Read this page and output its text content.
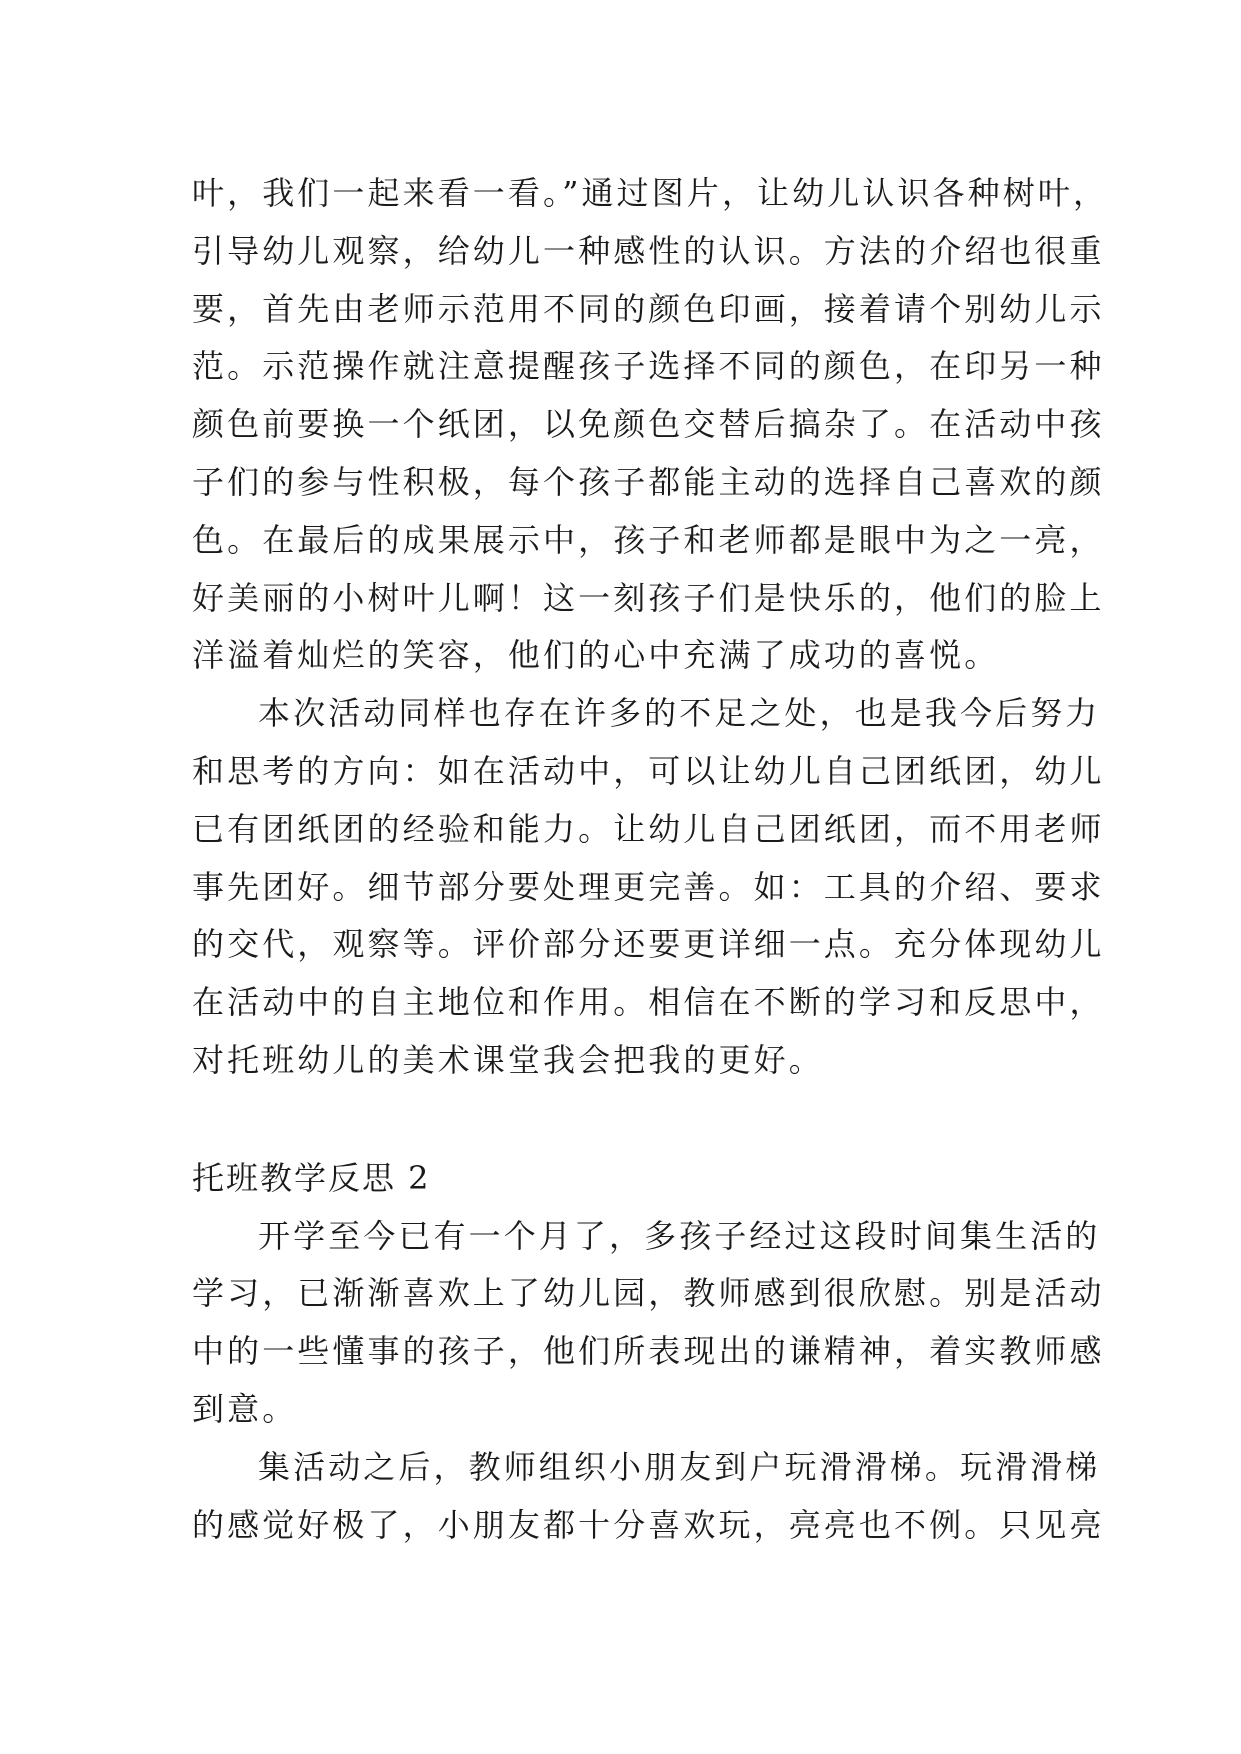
叶，我们一起来看一看。”通过图片，让幼儿认识各种树叶，
引导幼儿观察，给幼儿一种感性的认识。方法的介绍也很重
要，首先由老师示范用不同的颜色印画，接着请个别幼儿示
范。示范操作就注意提醒孩子选择不同的颜色，在印另一种
颜色前要换一个纸团，以免颜色交替后搞杂了。在活动中孩
子们的参与性积极，每个孩子都能主动的选择自己喜欢的颜
色。在最后的成果展示中，孩子和老师都是眼中为之一亮，
好美丽的小树叶儿啊！这一刻孩子们是快乐的，他们的脸上
洋溢着灿烂的笑容，他们的心中充满了成功的喜悦。
本次活动同样也存在许多的不足之处，也是我今后努力
和思考的方向：如在活动中，可以让幼儿自己团纸团，幼儿
已有团纸团的经验和能力。让幼儿自己团纸团，而不用老师
事先团好。细节部分要处理更完善。如：工具的介绍、要求
的交代，观察等。评价部分还要更详细一点。充分体现幼儿
在活动中的自主地位和作用。相信在不断的学习和反思中，
对托班幼儿的美术课堂我会把我的更好。
托班教学反思 2
开学至今已有一个月了，多孩子经过这段时间集生活的
学习，已渐渐喜欢上了幼儿园，教师感到很欣慰。别是活动
中的一些懂事的孩子，他们所表现出的谦精神，着实教师感
到意。
集活动之后，教师组织小朋友到户玩滑滑梯。玩滑滑梯
的感觉好极了，小朋友都十分喜欢玩，亮亮也不例。只见亮
